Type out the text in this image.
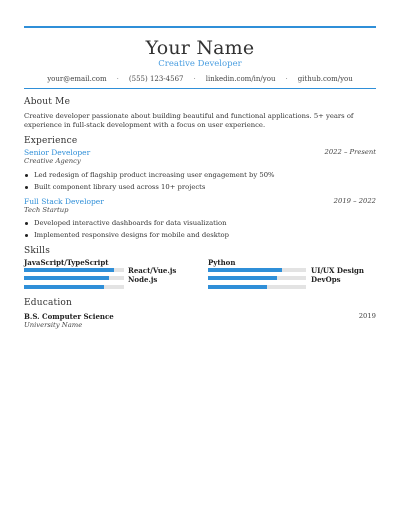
Your Name
Creative Developer
your@email.com · (555) 123-4567 · linkedin.com/in/you · github.com/you
About Me
Creative developer passionate about building beautiful and functional applications. 5+ years of experience in full-stack development with a focus on user experience.
Experience
Senior Developer	2022 – Present
Creative Agency
Led redesign of flagship product increasing user engagement by 50%
Built component library used across 10+ projects
Full Stack Developer	2019 – 2022
Tech Startup
Developed interactive dashboards for data visualization
Implemented responsive designs for mobile and desktop
Skills
JavaScript/TypeScript
React/Vue.js
Node.js
Python
UI/UX Design
DevOps
Education
B.S. Computer Science	2019
University Name
